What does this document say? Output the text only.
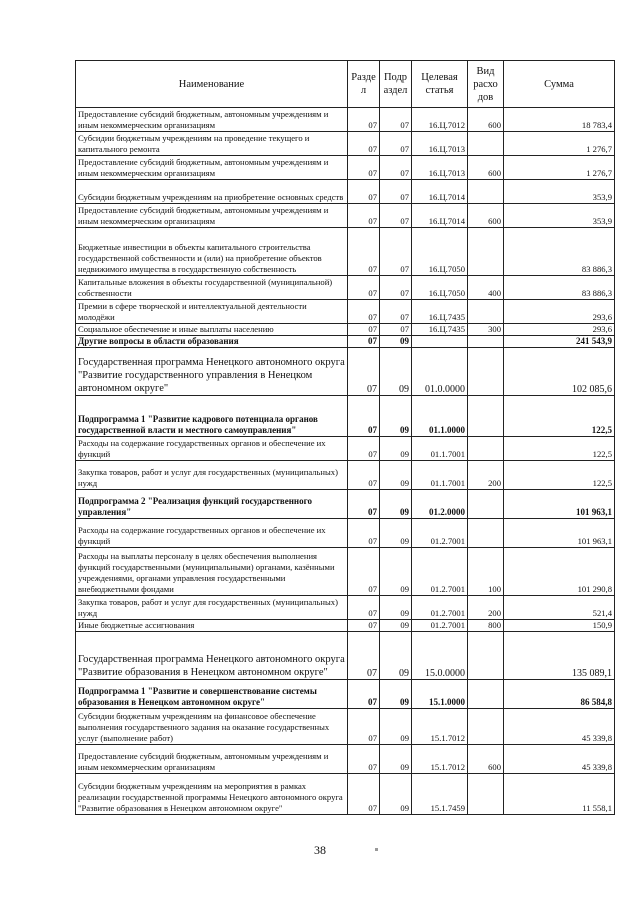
Наименование	Разде л	Подр аздел	Целевая статья	Вид расхо дов	Сумма
Предоставление субсидий бюджетным, автономным учреждениям и иным некоммерческим организациям	07	07	16.Ц.7012	600	18 783,4
Субсидии бюджетным учреждениям на проведение текущего и капитального ремонта	07	07	16.Ц.7013		1 276,7
Предоставление субсидий бюджетным, автономным учреждениям и иным некоммерческим организациям	07	07	16.Ц.7013	600	1 276,7
Субсидии бюджетным учреждениям на приобретение основных средств	07	07	16.Ц.7014		353,9
Предоставление субсидий бюджетным, автономным учреждениям и иным некоммерческим организациям	07	07	16.Ц.7014	600	353,9
Бюджетные инвестиции в объекты капитального строительства государственной собственности и (или) на приобретение объектов недвижимого имущества в государственную собственность	07	07	16.Ц.7050		83 886,3
Капитальные вложения в объекты государственной (муниципальной) собственности	07	07	16.Ц.7050	400	83 886,3
Премии в сфере творческой и интеллектуальной деятельности молодёжи	07	07	16.Ц.7435		293,6
Социальное обеспечение и иные выплаты населению	07	07	16.Ц.7435	300	293,6
Другие вопросы в области образования	07	09			241 543,9
Государственная программа Ненецкого автономного округа "Развитие государственного управления в Ненецком автономном округе"	07	09	01.0.0000		102 085,6
Подпрограмма 1 "Развитие кадрового потенциала органов государственной власти и местного самоуправления"	07	09	01.1.0000		122,5
Расходы на содержание государственных органов и обеспечение их функций	07	09	01.1.7001		122,5
Закупка товаров, работ и услуг для государственных (муниципальных) нужд	07	09	01.1.7001	200	122,5
Подпрограмма 2 "Реализация функций государственного управления"	07	09	01.2.0000		101 963,1
Расходы на содержание государственных органов и обеспечение их функций	07	09	01.2.7001		101 963,1
Расходы на выплаты персоналу в целях обеспечения выполнения функций государственными (муниципальными) органами, казёнными учреждениями, органами управления государственными внебюджетными фондами	07	09	01.2.7001	100	101 290,8
Закупка товаров, работ и услуг для государственных (муниципальных) нужд	07	09	01.2.7001	200	521,4
Иные бюджетные ассигнования	07	09	01.2.7001	800	150,9
Государственная программа Ненецкого автономного округа "Развитие образования в Ненецком автономном округе"	07	09	15.0.0000		135 089,1
Подпрограмма 1 "Развитие и совершенствование системы образования в Ненецком автономном округе"	07	09	15.1.0000		86 584,8
Субсидии бюджетным учреждениям на финансовое обеспечение выполнения государственного задания на оказание государственных услуг (выполнение работ)	07	09	15.1.7012		45 339,8
Предоставление субсидий бюджетным, автономным учреждениям и иным некоммерческим организациям	07	09	15.1.7012	600	45 339,8
Субсидии бюджетным учреждениям на мероприятия в рамках реализации государственной программы Ненецкого автономного округа "Развитие образования в Ненецком автономном округе"	07	09	15.1.7459		11 558,1
38
